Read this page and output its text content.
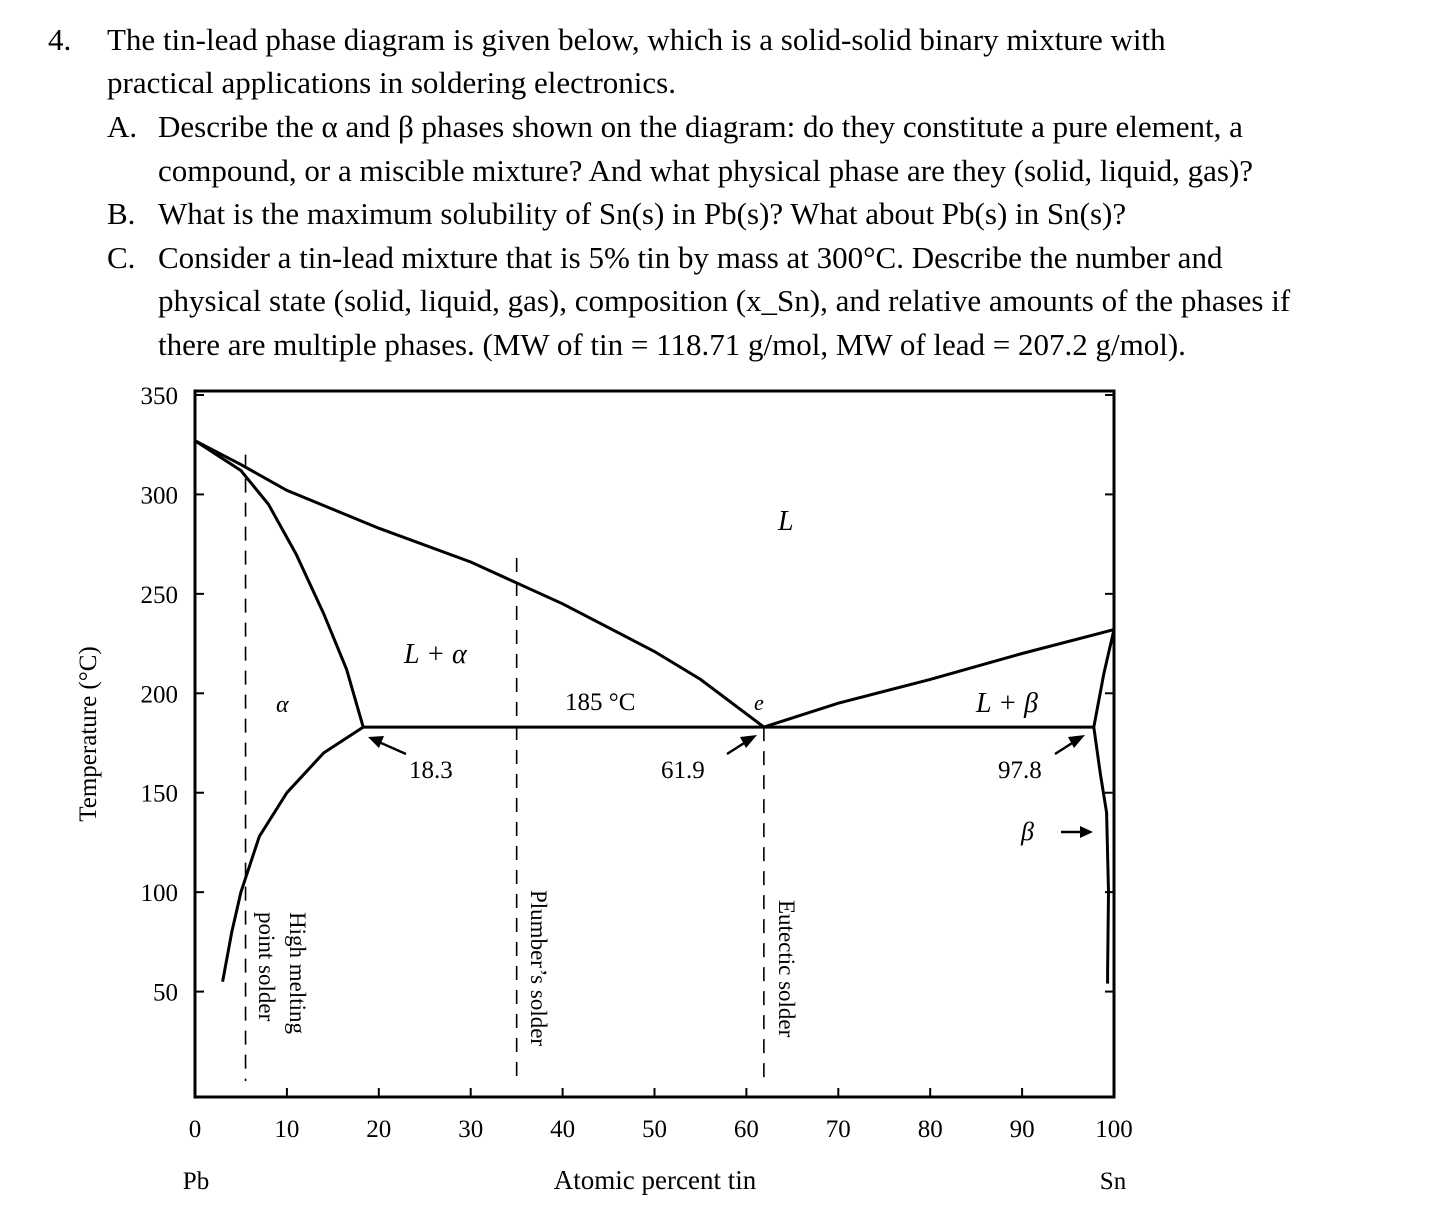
4. The tin-lead phase diagram is given below, which is a solid-solid binary mixture with
practical applications in soldering electronics.
A. Describe the α and β phases shown on the diagram: do they constitute a pure element, a
compound, or a miscible mixture? And what physical phase are they (solid, liquid, gas)?
B. What is the maximum solubility of Sn(s) in Pb(s)? What about Pb(s) in Sn(s)?
C. Consider a tin-lead mixture that is 5% tin by mass at 300°C. Describe the number and
physical state (solid, liquid, gas), composition (x_Sn), and relative amounts of the phases if
there are multiple phases. (MW of tin = 118.71 g/mol, MW of lead = 207.2 g/mol).
0	10	20	30	40	50	60	70	80	90 100
50
100
150
200
250
300
350
L
L + α
L + β
α
β
e
185 °C
18.3	61.9	97.8
High melting
point solder	Plumber’s solder	Eutectic solder
Temperature (°C)
Atomic percent tin
Pb	Sn
